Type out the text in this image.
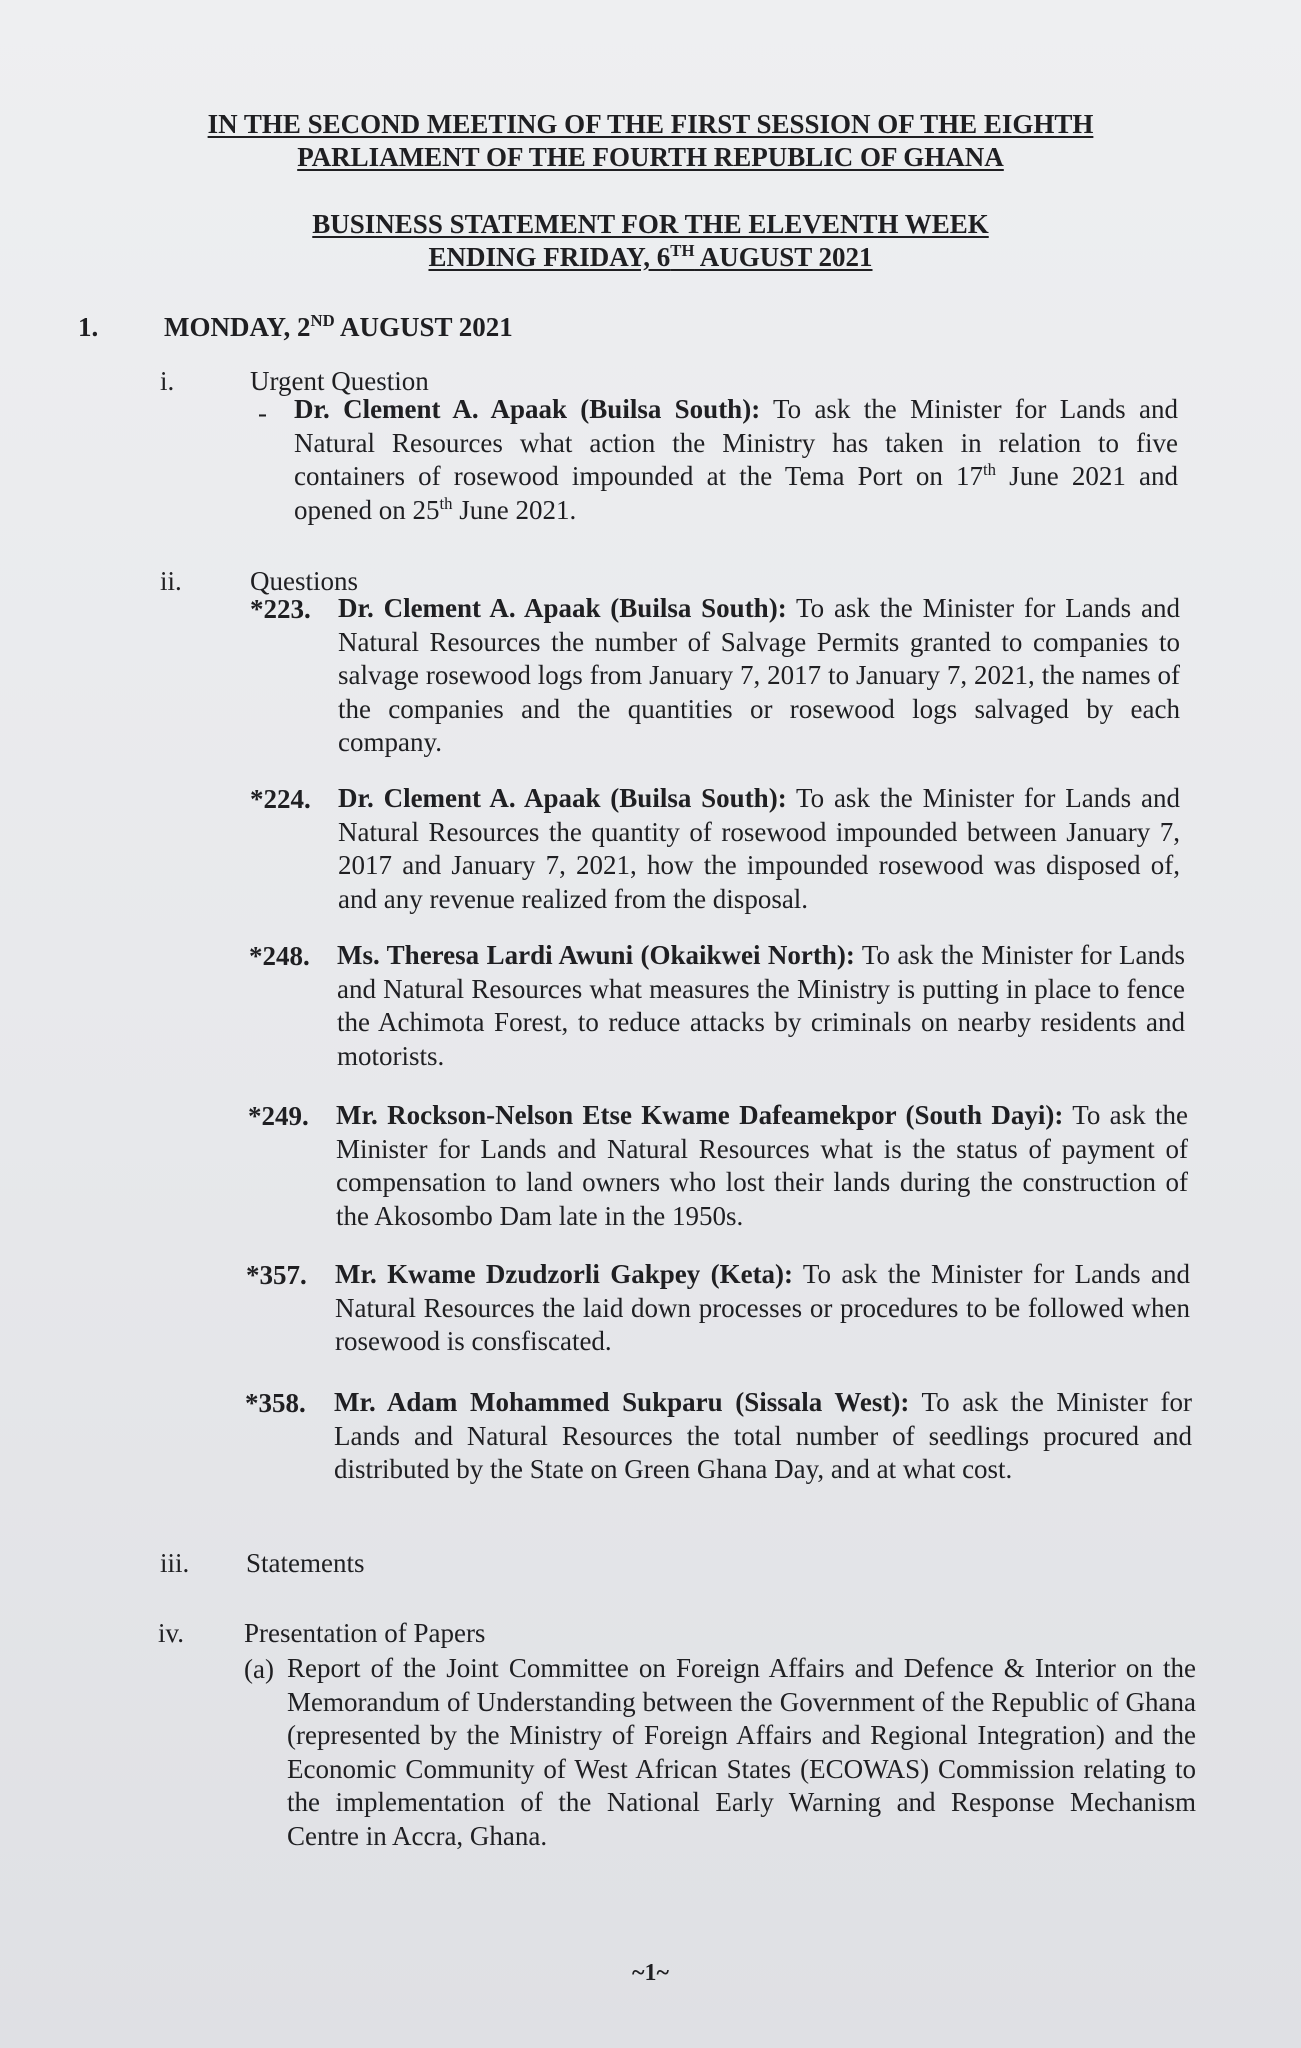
IN THE SECOND MEETING OF THE FIRST SESSION OF THE EIGHTH
PARLIAMENT OF THE FOURTH REPUBLIC OF GHANA
BUSINESS STATEMENT FOR THE ELEVENTH WEEK
ENDING FRIDAY, 6TH AUGUST 2021
1. MONDAY, 2ND AUGUST 2021
i.	Urgent Question
- Dr. Clement A. Apaak (Builsa South): To ask the Minister for Lands and Natural Resources what action the Ministry has taken in relation to five containers of rosewood impounded at the Tema Port on 17th June 2021 and opened on 25th June 2021.

ii.	Questions
*223. Dr. Clement A. Apaak (Builsa South): To ask the Minister for Lands and Natural Resources the number of Salvage Permits granted to companies to salvage rosewood logs from January 7, 2017 to January 7, 2021, the names of the companies and the quantities or rosewood logs salvaged by each company.

*224. Dr. Clement A. Apaak (Builsa South): To ask the Minister for Lands and Natural Resources the quantity of rosewood impounded between January 7, 2017 and January 7, 2021, how the impounded rosewood was disposed of, and any revenue realized from the disposal.

*248. Ms. Theresa Lardi Awuni (Okaikwei North): To ask the Minister for Lands and Natural Resources what measures the Ministry is putting in place to fence the Achimota Forest, to reduce attacks by criminals on nearby residents and motorists.

*249. Mr. Rockson-Nelson Etse Kwame Dafeamekpor (South Dayi): To ask the Minister for Lands and Natural Resources what is the status of payment of compensation to land owners who lost their lands during the construction of the Akosombo Dam late in the 1950s.

*357. Mr. Kwame Dzudzorli Gakpey (Keta): To ask the Minister for Lands and Natural Resources the laid down processes or procedures to be followed when rosewood is consfiscated.

*358. Mr. Adam Mohammed Sukparu (Sissala West): To ask the Minister for Lands and Natural Resources the total number of seedlings procured and distributed by the State on Green Ghana Day, and at what cost.

iii. Statements
iv. Presentation of Papers
(a) Report of the Joint Committee on Foreign Affairs and Defence & Interior on the Memorandum of Understanding between the Government of the Republic of Ghana (represented by the Ministry of Foreign Affairs and Regional Integration) and the Economic Community of West African States (ECOWAS) Commission relating to the implementation of the National Early Warning and Response Mechanism Centre in Accra, Ghana.

~1~
